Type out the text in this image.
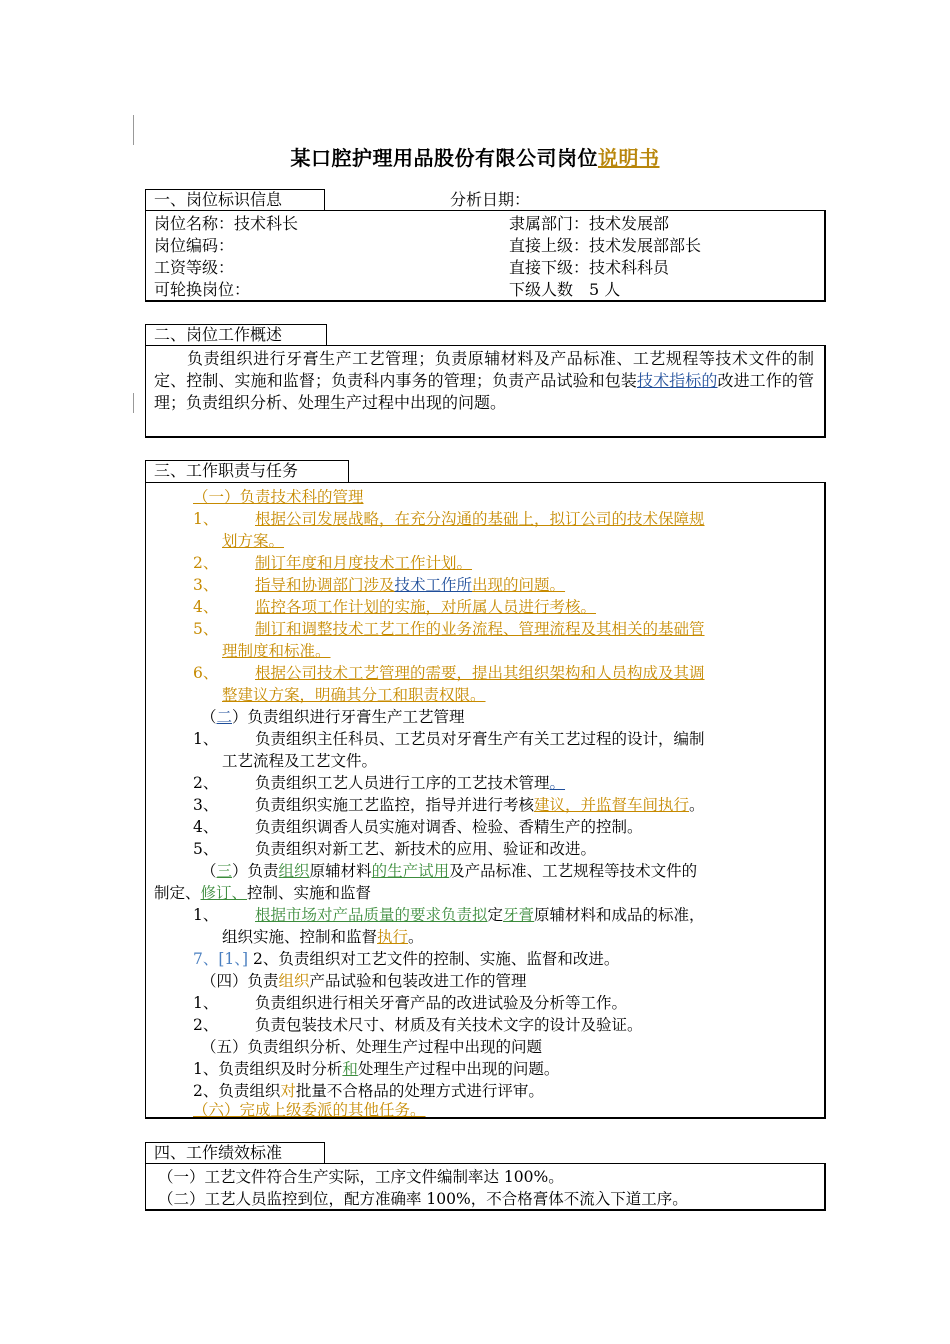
某口腔护理用品股份有限公司岗位说明书
一、岗位标识信息	分析日期：
岗位名称：技术科长
岗位编码：
工资等级：
可轮换岗位：
隶属部门：技术发展部
直接上级：技术发展部部长
直接下级：技术科科员
下级人数　5 人
二、岗位工作概述
　　负责组织进行牙膏生产工艺管理；负责原辅材料及产品标准、工艺规程等技术文件的制定、控制、实施和监督；负责科内事务的管理；负责产品试验和包装技术指标的改进工作的管理；负责组织分析、处理生产过程中出现的问题。
三、工作职责与任务
（一）负责技术科的管理
1、 根据公司发展战略，在充分沟通的基础上，拟订公司的技术保障规
划方案。
2、 制订年度和月度技术工作计划。
3、 指导和协调部门涉及技术工作所出现的问题。
4、 监控各项工作计划的实施，对所属人员进行考核。
5、 制订和调整技术工艺工作的业务流程、管理流程及其相关的基础管
理制度和标准。
6、 根据公司技术工艺管理的需要，提出其组织架构和人员构成及其调
整建议方案，明确其分工和职责权限。
（二）负责组织进行牙膏生产工艺管理
1、 负责组织主任科员、工艺员对牙膏生产有关工艺过程的设计，编制
工艺流程及工艺文件。
2、 负责组织工艺人员进行工序的工艺技术管理。
3、 负责组织实施工艺监控，指导并进行考核建议，并监督车间执行。
4、 负责组织调香人员实施对调香、检验、香精生产的控制。
5、 负责组织对新工艺、新技术的应用、验证和改进。
（三）负责组织原辅材料的生产试用及产品标准、工艺规程等技术文件的
制定、修订、控制、实施和监督
1、 根据市场对产品质量的要求负责拟定牙膏原辅材料和成品的标准，
组织实施、控制和监督执行。
7、[1、] 2、负责组织对工艺文件的控制、实施、监督和改进。
（四）负责组织产品试验和包装改进工作的管理
1、 负责组织进行相关牙膏产品的改进试验及分析等工作。
2、 负责包装技术尺寸、材质及有关技术文字的设计及验证。
（五）负责组织分析、处理生产过程中出现的问题
1、负责组织及时分析和处理生产过程中出现的问题。
2、负责组织对批量不合格品的处理方式进行评审。
（六）完成上级委派的其他任务。
四、工作绩效标准
（一）工艺文件符合生产实际，工序文件编制率达 100%。
（二）工艺人员监控到位，配方准确率 100%，不合格膏体不流入下道工序。
